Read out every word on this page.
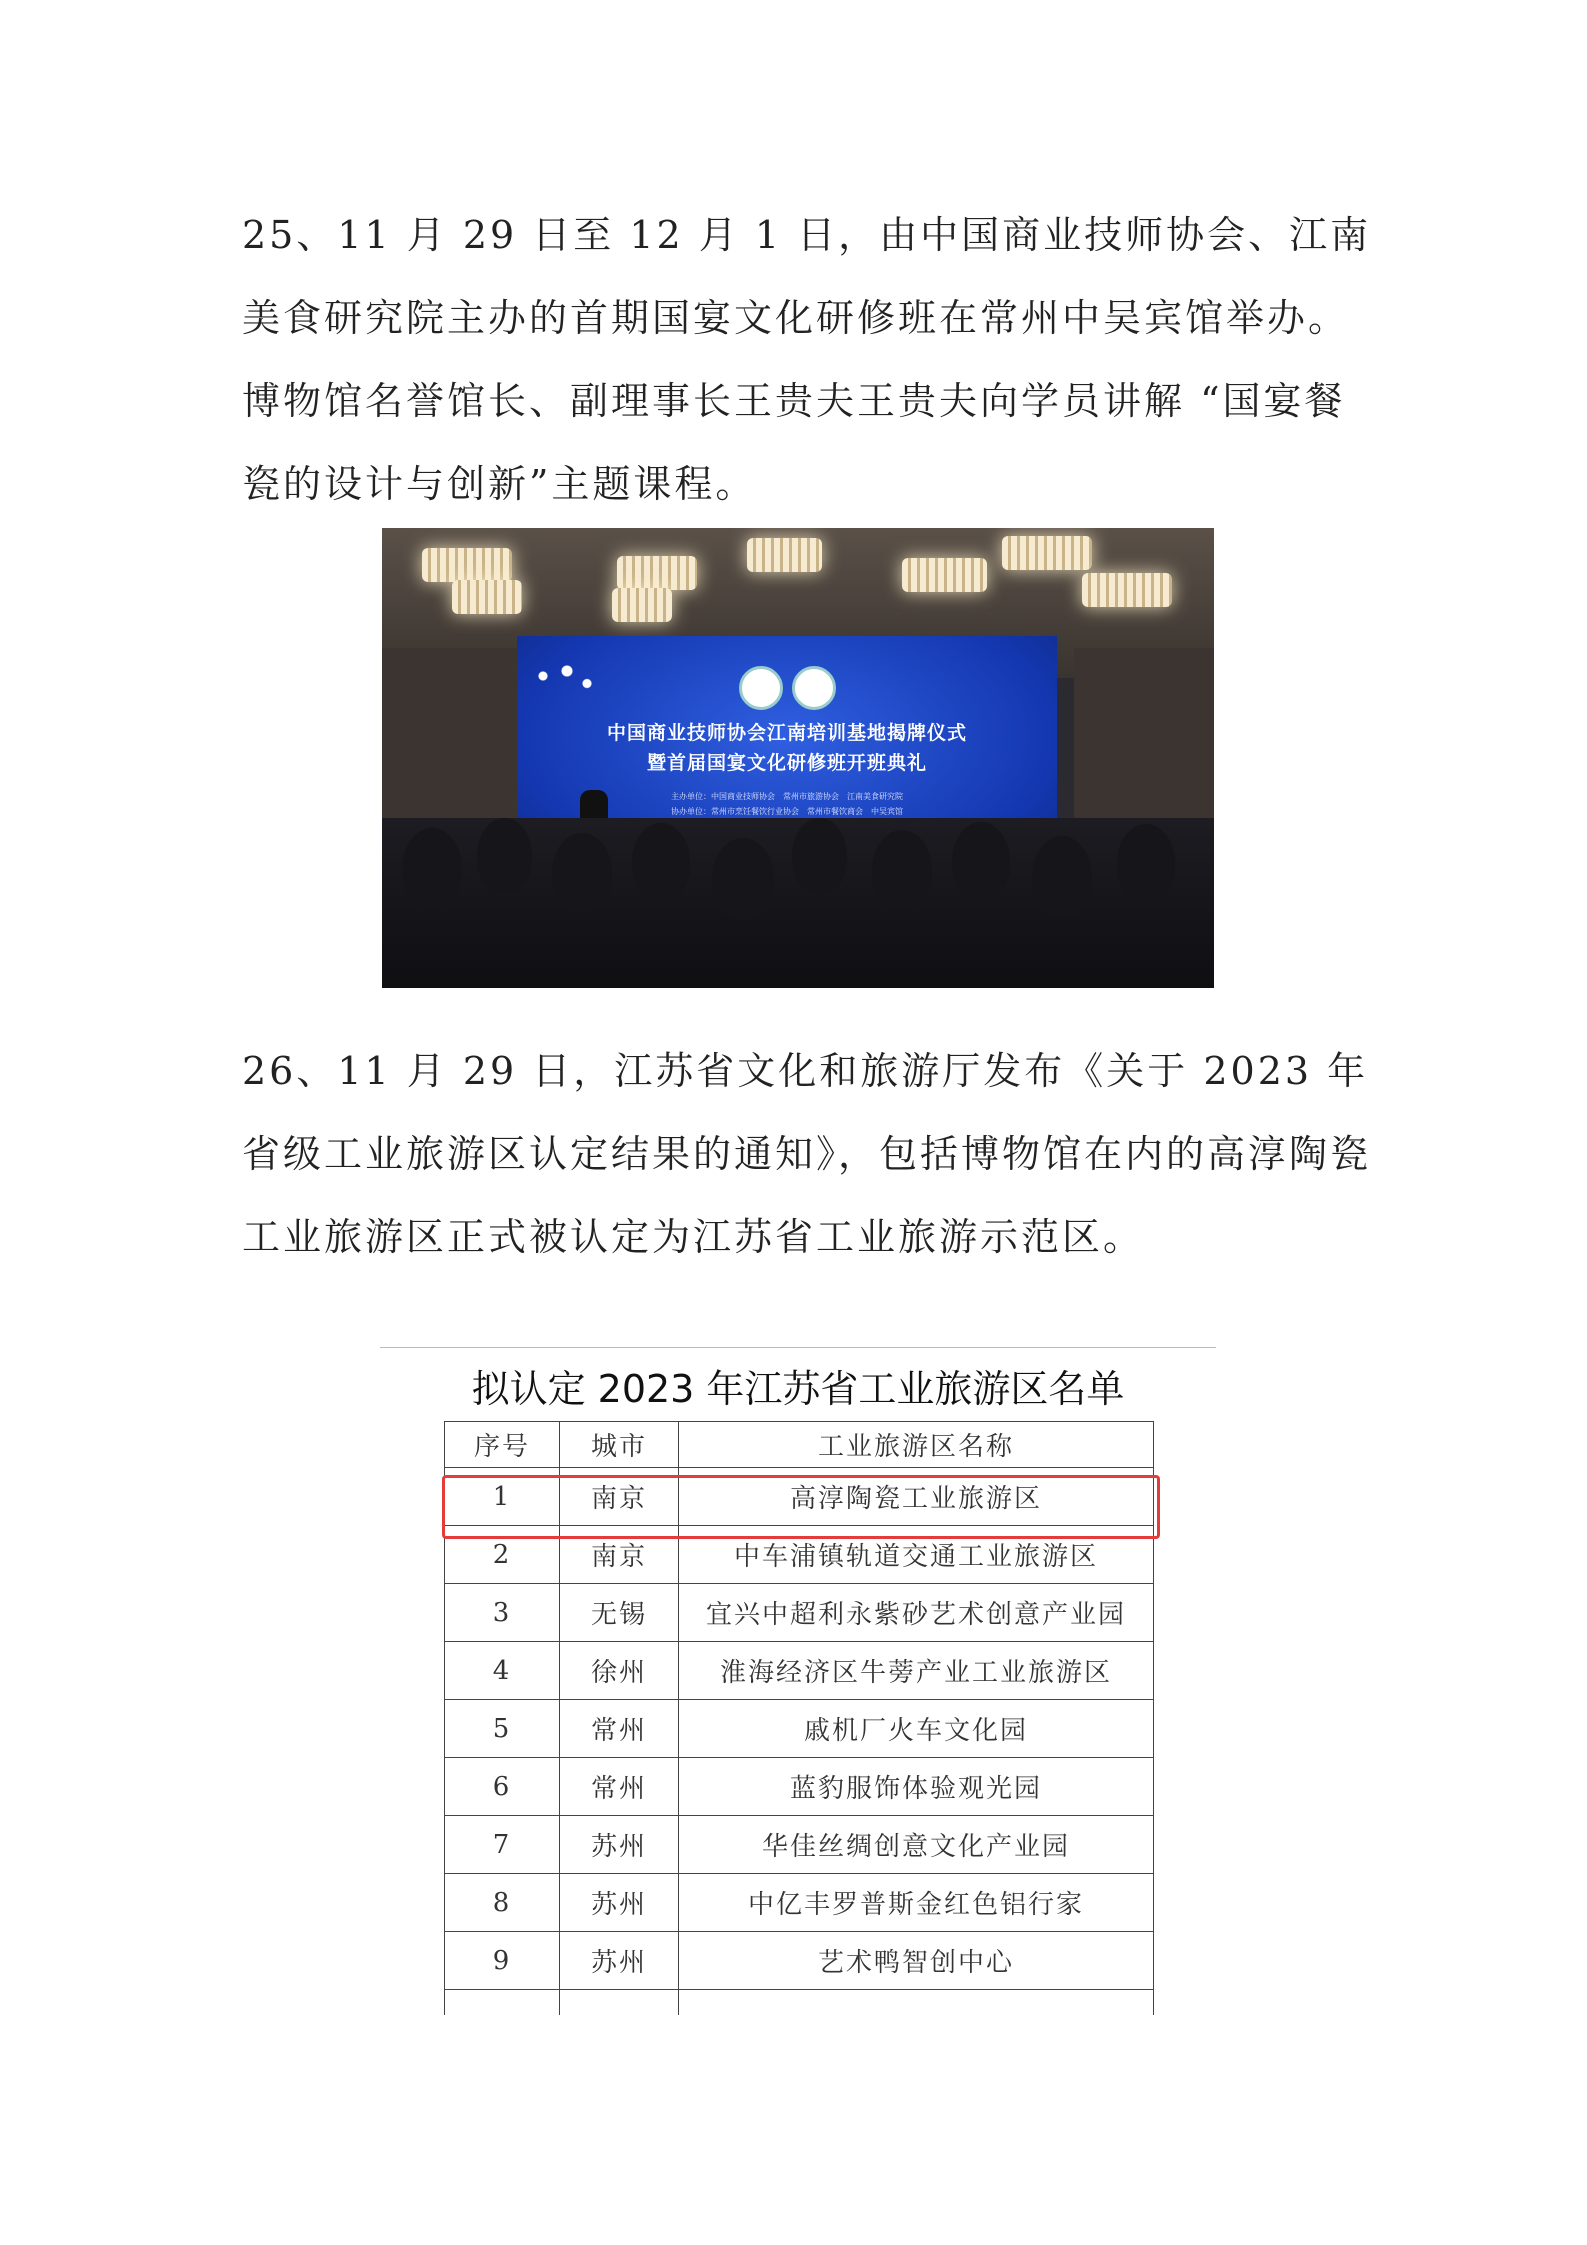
25、11 月 29 日至 12 月 1 日，由中国商业技师协会、江南美食研究院主办的首期国宴文化研修班在常州中吴宾馆举办。博物馆名誉馆长、副理事长王贵夫王贵夫向学员讲解 “国宴餐瓷的设计与创新”主题课程。

中国商业技师协会江南培训基地揭牌仪式
暨首届国宴文化研修班开班典礼
主办单位：中国商业技师协会　常州市旅游协会　江南美食研究院
协办单位：常州市烹饪餐饮行业协会　常州市餐饮商会　中吴宾馆

26、11 月 29 日，江苏省文化和旅游厅发布《关于 2023 年省级工业旅游区认定结果的通知》，包括博物馆在内的高淳陶瓷工业旅游区正式被认定为江苏省工业旅游示范区。

拟认定 2023 年江苏省工业旅游区名单
序号	城市	工业旅游区名称
1	南京	高淳陶瓷工业旅游区
2	南京	中车浦镇轨道交通工业旅游区
3	无锡	宜兴中超利永紫砂艺术创意产业园
4	徐州	淮海经济区牛蒡产业工业旅游区
5	常州	戚机厂火车文化园
6	常州	蓝豹服饰体验观光园
7	苏州	华佳丝绸创意文化产业园
8	苏州	中亿丰罗普斯金红色铝行家
9	苏州	艺术鸭智创中心
